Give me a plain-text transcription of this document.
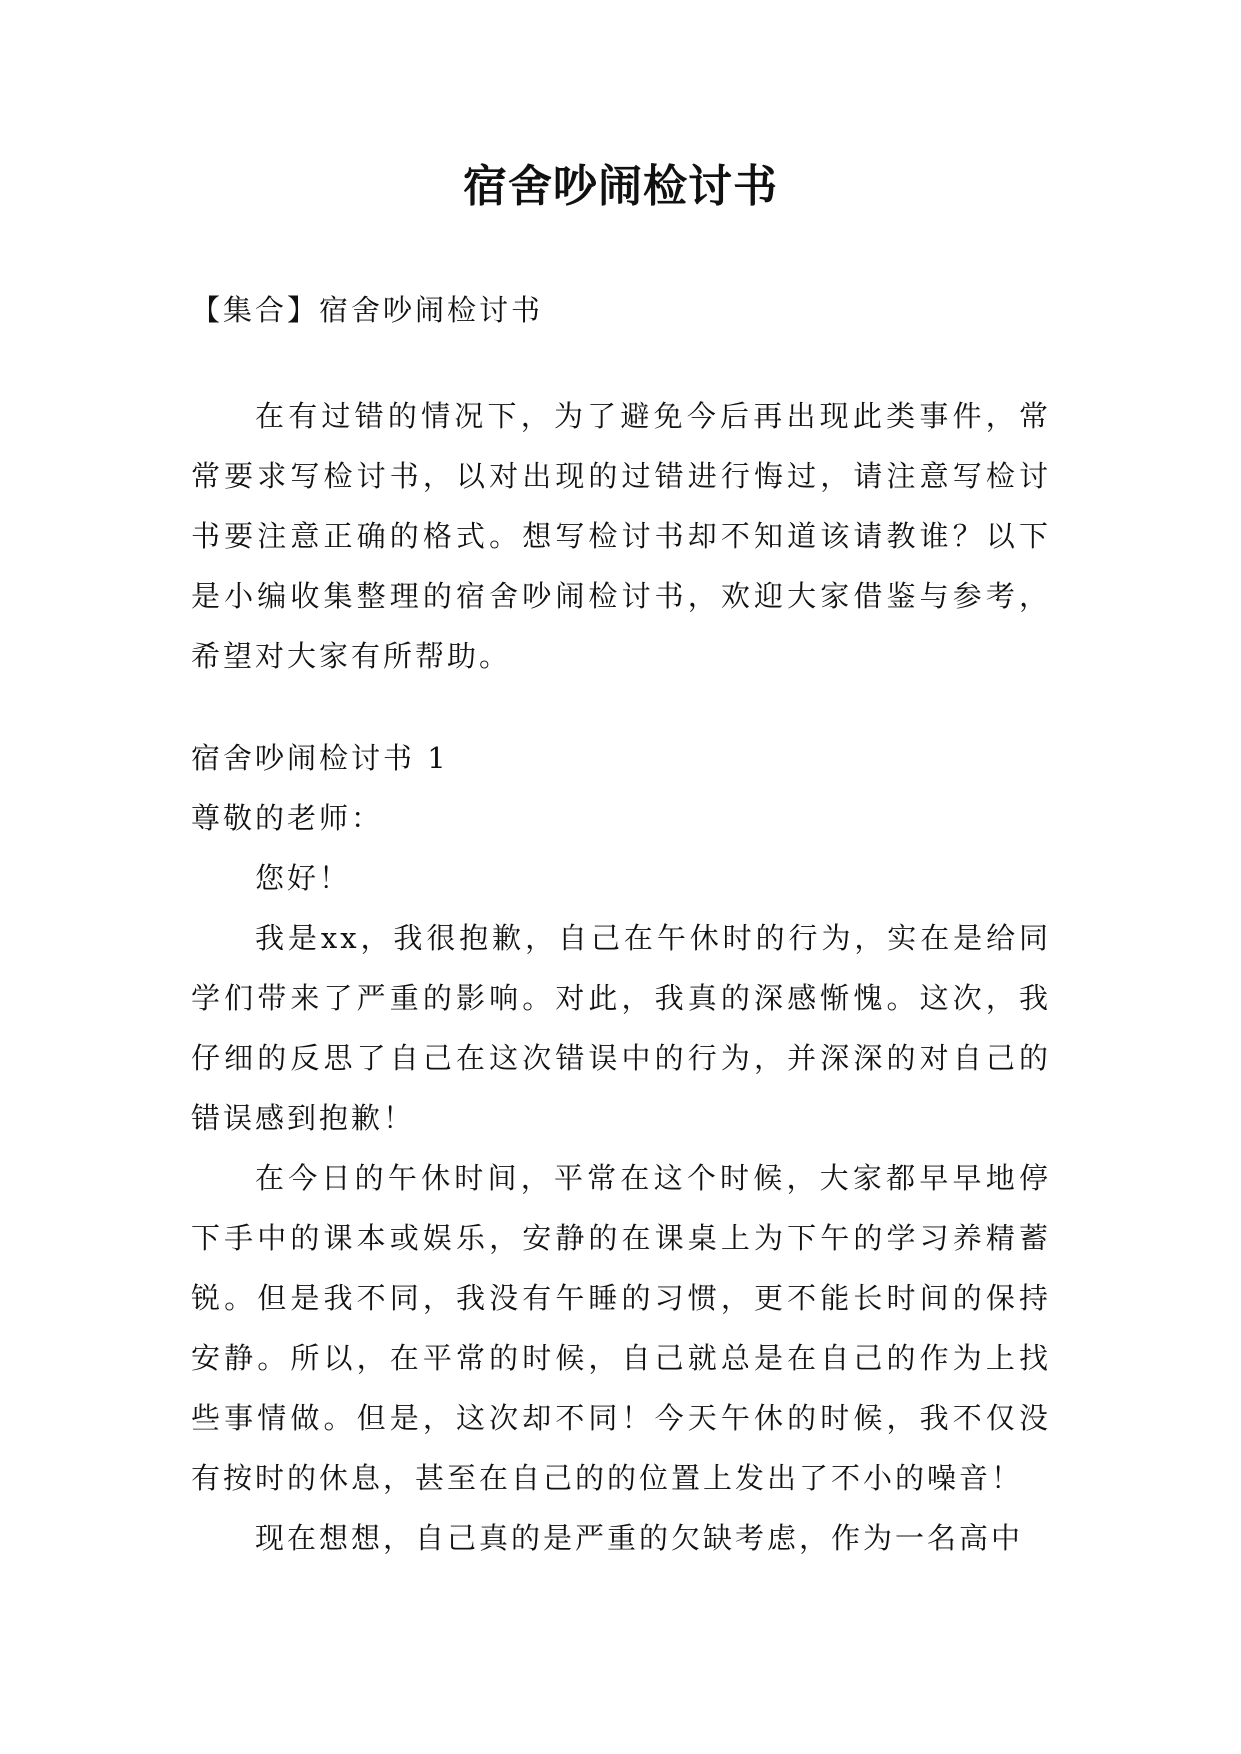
宿舍吵闹检讨书

【集合】宿舍吵闹检讨书

在有过错的情况下，为了避免今后再出现此类事件，常常要求写检讨书，以对出现的过错进行悔过，请注意写检讨书要注意正确的格式。想写检讨书却不知道该请教谁？以下是小编收集整理的宿舍吵闹检讨书，欢迎大家借鉴与参考，希望对大家有所帮助。

宿舍吵闹检讨书 1

尊敬的老师：

您好！

我是xx，我很抱歉，自己在午休时的行为，实在是给同学们带来了严重的影响。对此，我真的深感惭愧。这次，我仔细的反思了自己在这次错误中的行为，并深深的对自己的错误感到抱歉！

在今日的午休时间，平常在这个时候，大家都早早地停下手中的课本或娱乐，安静的在课桌上为下午的学习养精蓄锐。但是我不同，我没有午睡的习惯，更不能长时间的保持安静。所以，在平常的时候，自己就总是在自己的作为上找些事情做。但是，这次却不同！今天午休的时候，我不仅没有按时的休息，甚至在自己的的位置上发出了不小的噪音！

现在想想，自己真的是严重的欠缺考虑，作为一名高中
